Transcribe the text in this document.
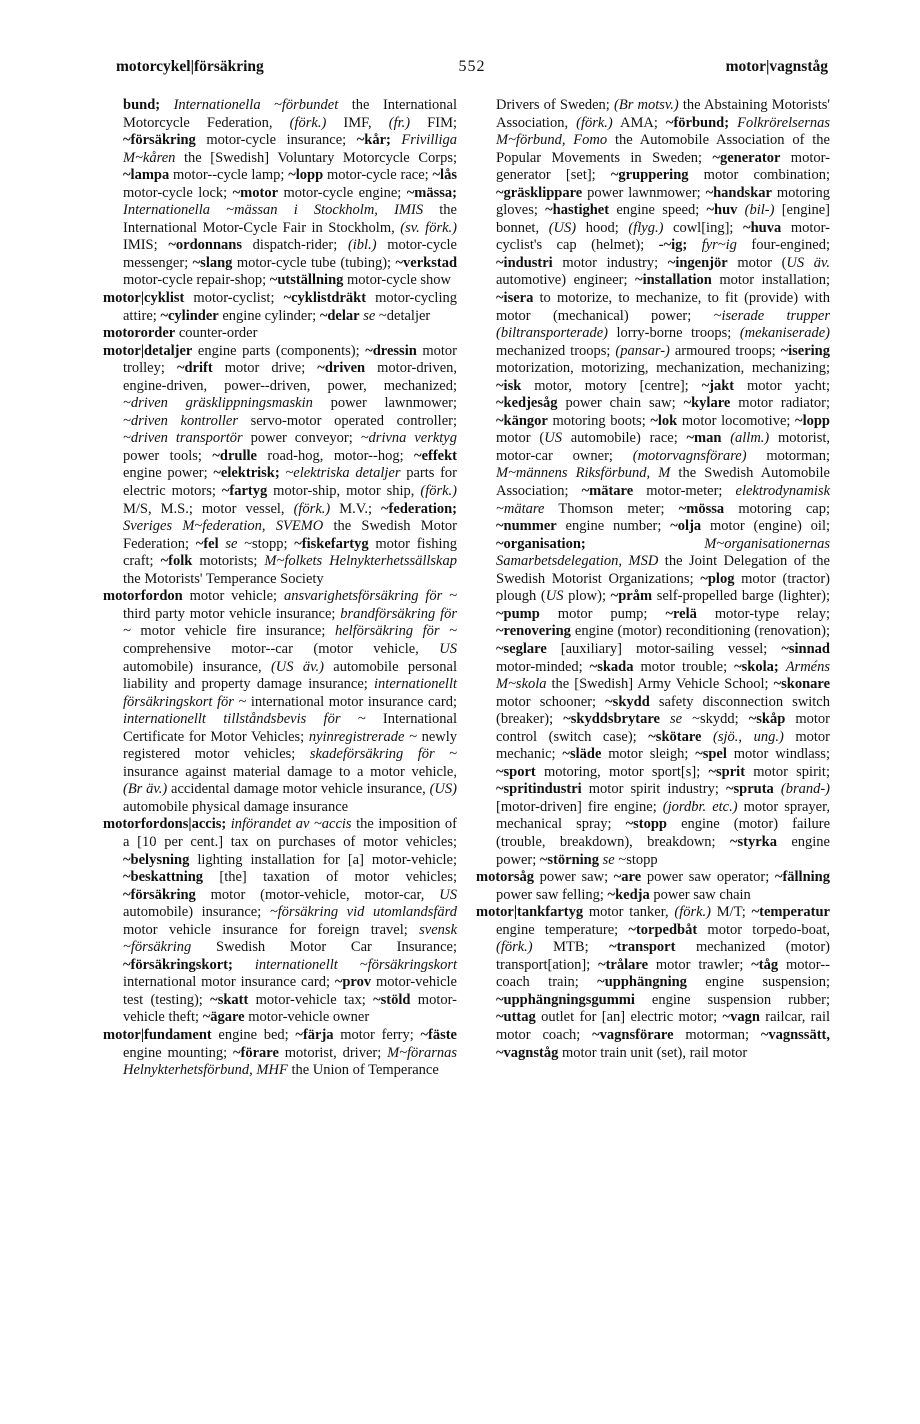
motorcykel|försäkring	552	motor|vagnståg

bund; Internationella ~förbundet the International Motorcycle Federation, (förk.) IMF, (fr.) FIM; ~försäkring motor-cycle insurance; ~kår; Frivilliga M~kåren the [Swedish] Voluntary Motorcycle Corps; ~lampa motor--cycle lamp; ~lopp motor-cycle race; ~lås motor-cycle lock; ~motor motor-cycle engine; ~mässa; Internationella ~mässan i Stockholm, IMIS the International Motor-Cycle Fair in Stockholm, (sv. förk.) IMIS; ~ordonnans dispatch-rider; (ibl.) motor-cycle messenger; ~slang motor-cycle tube (tubing); ~verkstad motor-cycle repair-shop; ~utställning motor-cycle show

motor|cyklist motor-cyclist; ~cyklistdräkt motor-cycling attire; ~cylinder engine cylinder; ~delar se ~detaljer

motororder counter-order

motor|detaljer engine parts (components); ~dressin motor trolley; ~drift motor drive; ~driven motor-driven, engine-driven, power--driven, power, mechanized; ~driven gräsklippningsmaskin power lawnmower; ~driven kontroller servo-motor operated controller; ~driven transportör power conveyor; ~drivna verktyg power tools; ~drulle road-hog, motor--hog; ~effekt engine power; ~elektrisk; ~elektriska detaljer parts for electric motors; ~fartyg motor-ship, motor ship, (förk.) M/S, M.S.; motor vessel, (förk.) M.V.; ~federation; Sveriges M~federation, SVEMO the Swedish Motor Federation; ~fel se ~stopp; ~fiskefartyg motor fishing craft; ~folk motorists; M~folkets Helnykterhetssällskap the Motorists' Temperance Society

motorfordon motor vehicle; ansvarighetsförsäkring för ~ third party motor vehicle insurance; brandförsäkring för ~ motor vehicle fire insurance; helförsäkring för ~ comprehensive motor--car (motor vehicle, US automobile) insurance, (US äv.) automobile personal liability and property damage insurance; internationellt försäkringskort för ~ international motor insurance card; internationellt tillståndsbevis för ~ International Certificate for Motor Vehicles; nyinregistrerade ~ newly registered motor vehicles; skadeförsäkring för ~ insurance against material damage to a motor vehicle, (Br äv.) accidental damage motor vehicle insurance, (US) automobile physical damage insurance

motorfordons|accis; införandet av ~accis the imposition of a [10 per cent.] tax on purchases of motor vehicles; ~belysning lighting installation for [a] motor-vehicle; ~beskattning [the] taxation of motor vehicles; ~försäkring motor (motor-vehicle, motor-car, US automobile) insurance; ~försäkring vid utomlandsfärd motor vehicle insurance for foreign travel; svensk ~försäkring Swedish Motor Car Insurance; ~försäkringskort; internationellt ~försäkringskort international motor insurance card; ~prov motor-vehicle test (testing); ~skatt motor-vehicle tax; ~stöld motor-vehicle theft; ~ägare motor-vehicle owner

motor|fundament engine bed; ~färja motor ferry; ~fäste engine mounting; ~förare motorist, driver; M~förarnas Helnykterhetsförbund, MHF the Union of Temperance

Drivers of Sweden; (Br motsv.) the Abstaining Motorists' Association, (förk.) AMA; ~förbund; Folkrörelsernas M~förbund, Fomo the Automobile Association of the Popular Movements in Sweden; ~generator motor-generator [set]; ~gruppering motor combination; ~gräsklippare power lawnmower; ~handskar motoring gloves; ~hastighet engine speed; ~huv (bil-) [engine] bonnet, (US) hood; (flyg.) cowl[ing]; ~huva motor-cyclist's cap (helmet); -~ig; fyr~ig four-engined; ~industri motor industry; ~ingenjör motor (US äv. automotive) engineer; ~installation motor installation; ~isera to motorize, to mechanize, to fit (provide) with motor (mechanical) power; ~iserade trupper (biltransporterade) lorry-borne troops; (mekaniserade) mechanized troops; (pansar-) armoured troops; ~isering motorization, motorizing, mechanization, mechanizing; ~isk motor, motory [centre]; ~jakt motor yacht; ~kedjesåg power chain saw; ~kylare motor radiator; ~kängor motoring boots; ~lok motor locomotive; ~lopp motor (US automobile) race; ~man (allm.) motorist, motor-car owner; (motorvagnsförare) motorman; M~männens Riksförbund, M the Swedish Automobile Association; ~mätare motor-meter; elektrodynamisk ~mätare Thomson meter; ~mössa motoring cap; ~nummer engine number; ~olja motor (engine) oil; ~organisation;	M~organisationernas Samarbetsdelegation, MSD the Joint Delegation of the Swedish Motorist Organizations; ~plog motor (tractor) plough (US plow); ~pråm self-propelled barge (lighter); ~pump motor pump; ~relä motor-type relay; ~renovering engine (motor) reconditioning (renovation); ~seglare [auxiliary] motor-sailing vessel; ~sinnad motor-minded; ~skada motor trouble; ~skola; Arméns M~skola the [Swedish] Army Vehicle School; ~skonare motor schooner; ~skydd safety disconnection switch (breaker); ~skyddsbrytare se ~skydd; ~skåp motor control (switch case); ~skötare (sjö., ung.) motor mechanic; ~släde motor sleigh; ~spel motor windlass; ~sport motoring, motor sport[s]; ~sprit motor spirit; ~spritindustri motor spirit industry; ~spruta (brand-) [motor-driven] fire engine; (jordbr. etc.) motor sprayer, mechanical spray; ~stopp engine (motor) failure (trouble, breakdown), breakdown; ~styrka engine power; ~störning se ~stopp

motorsåg power saw; ~are power saw operator; ~fällning power saw felling; ~kedja power saw chain

motor|tankfartyg motor tanker, (förk.) M/T; ~temperatur engine temperature; ~torpedbåt motor torpedo-boat, (förk.) MTB; ~transport mechanized (motor) transport[ation]; ~trålare motor trawler; ~tåg motor--coach train; ~upphängning engine suspension; ~upphängningsgummi engine suspension rubber; ~uttag outlet for [an] electric motor; ~vagn railcar, rail motor coach; ~vagnsförare motorman; ~vagnssätt, ~vagnståg motor train unit (set), rail motor
